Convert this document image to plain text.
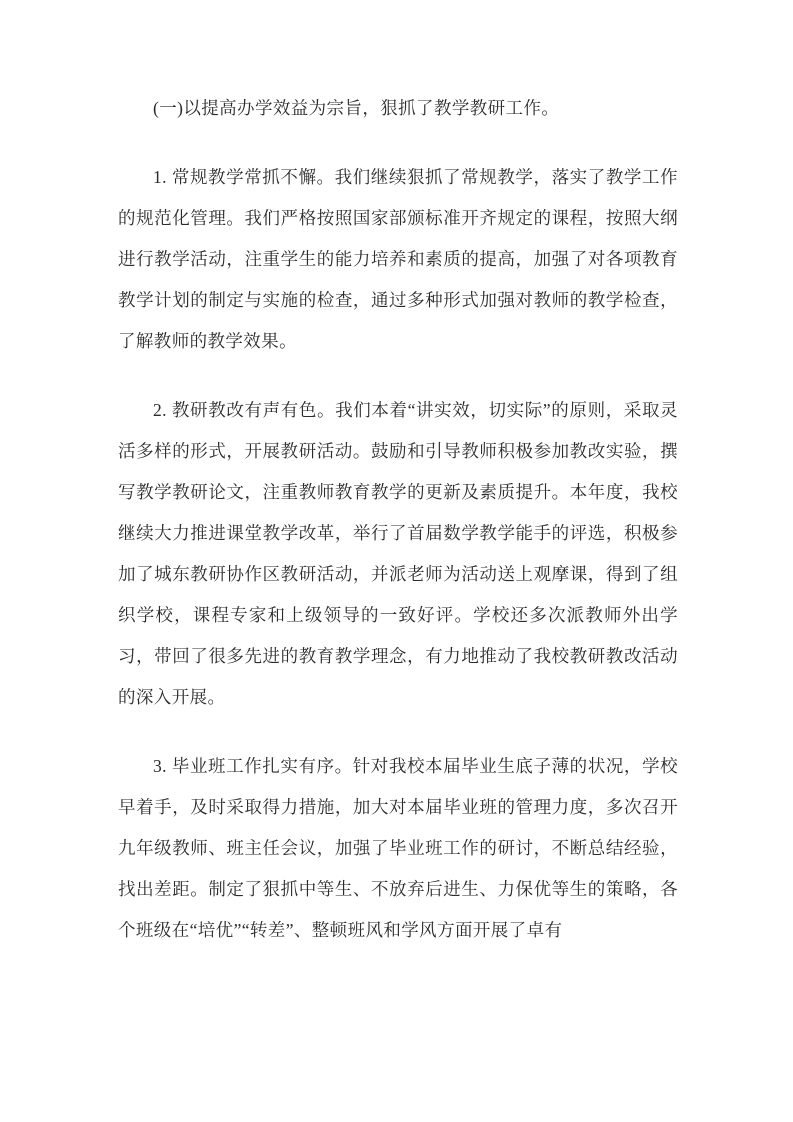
(一)以提高办学效益为宗旨，狠抓了教学教研工作。

1. 常规教学常抓不懈。我们继续狠抓了常规教学，落实了教学工作的规范化管理。我们严格按照国家部颁标准开齐规定的课程，按照大纲进行教学活动，注重学生的能力培养和素质的提高，加强了对各项教育教学计划的制定与实施的检查，通过多种形式加强对教师的教学检查，了解教师的教学效果。

2. 教研教改有声有色。我们本着“讲实效，切实际”的原则，采取灵活多样的形式，开展教研活动。鼓励和引导教师积极参加教改实验，撰写教学教研论文，注重教师教育教学的更新及素质提升。本年度，我校继续大力推进课堂教学改革，举行了首届数学教学能手的评选，积极参加了城东教研协作区教研活动，并派老师为活动送上观摩课，得到了组织学校，课程专家和上级领导的一致好评。学校还多次派教师外出学习，带回了很多先进的教育教学理念，有力地推动了我校教研教改活动的深入开展。

3. 毕业班工作扎实有序。针对我校本届毕业生底子薄的状况，学校早着手，及时采取得力措施，加大对本届毕业班的管理力度，多次召开九年级教师、班主任会议，加强了毕业班工作的研讨，不断总结经验，找出差距。制定了狠抓中等生、不放弃后进生、力保优等生的策略，各个班级在“培优”“转差”、整顿班风和学风方面开展了卓有
